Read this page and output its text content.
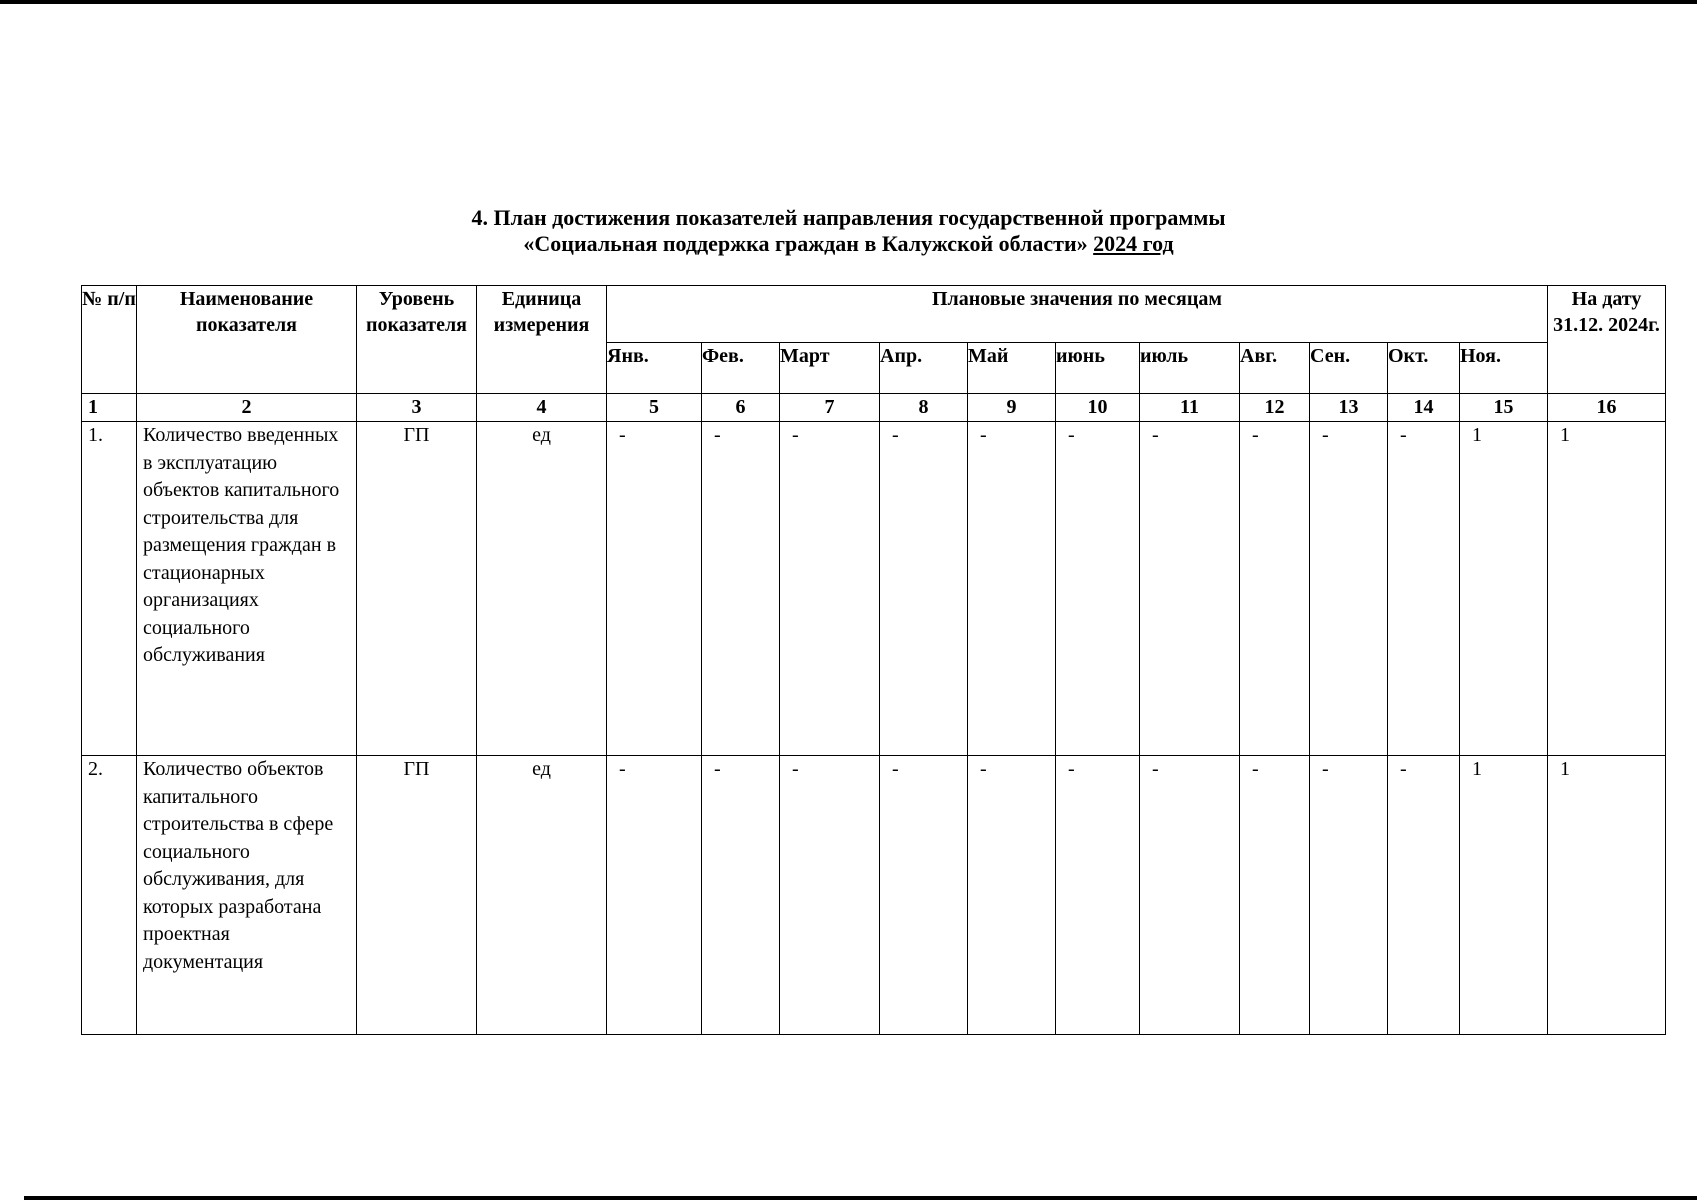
4. План достижения показателей направления государственной программы
«Социальная поддержка граждан в Калужской области» 2024 год
№ п/п	Наименование показателя	Уровень показателя	Единица измерения	Плановые значения по месяцам											На дату 31.12. 2024г.
				Янв.	Фев.	Март	Апр.	Май	июнь	июль	Авг.	Сен.	Окт.	Ноя.	
1	2	3	4	5	6	7	8	9	10	11	12	13	14	15	16
1.	Количество введенных в эксплуатацию объектов капитального строительства для размещения граждан в стационарных организациях социального обслуживания	ГП	ед	-	-	-	-	-	-	-	-	-	-	1	1
2.	Количество объектов капитального строительства в сфере социального обслуживания, для которых разработана проектная документация	ГП	ед	-	-	-	-	-	-	-	-	-	-	1	1
